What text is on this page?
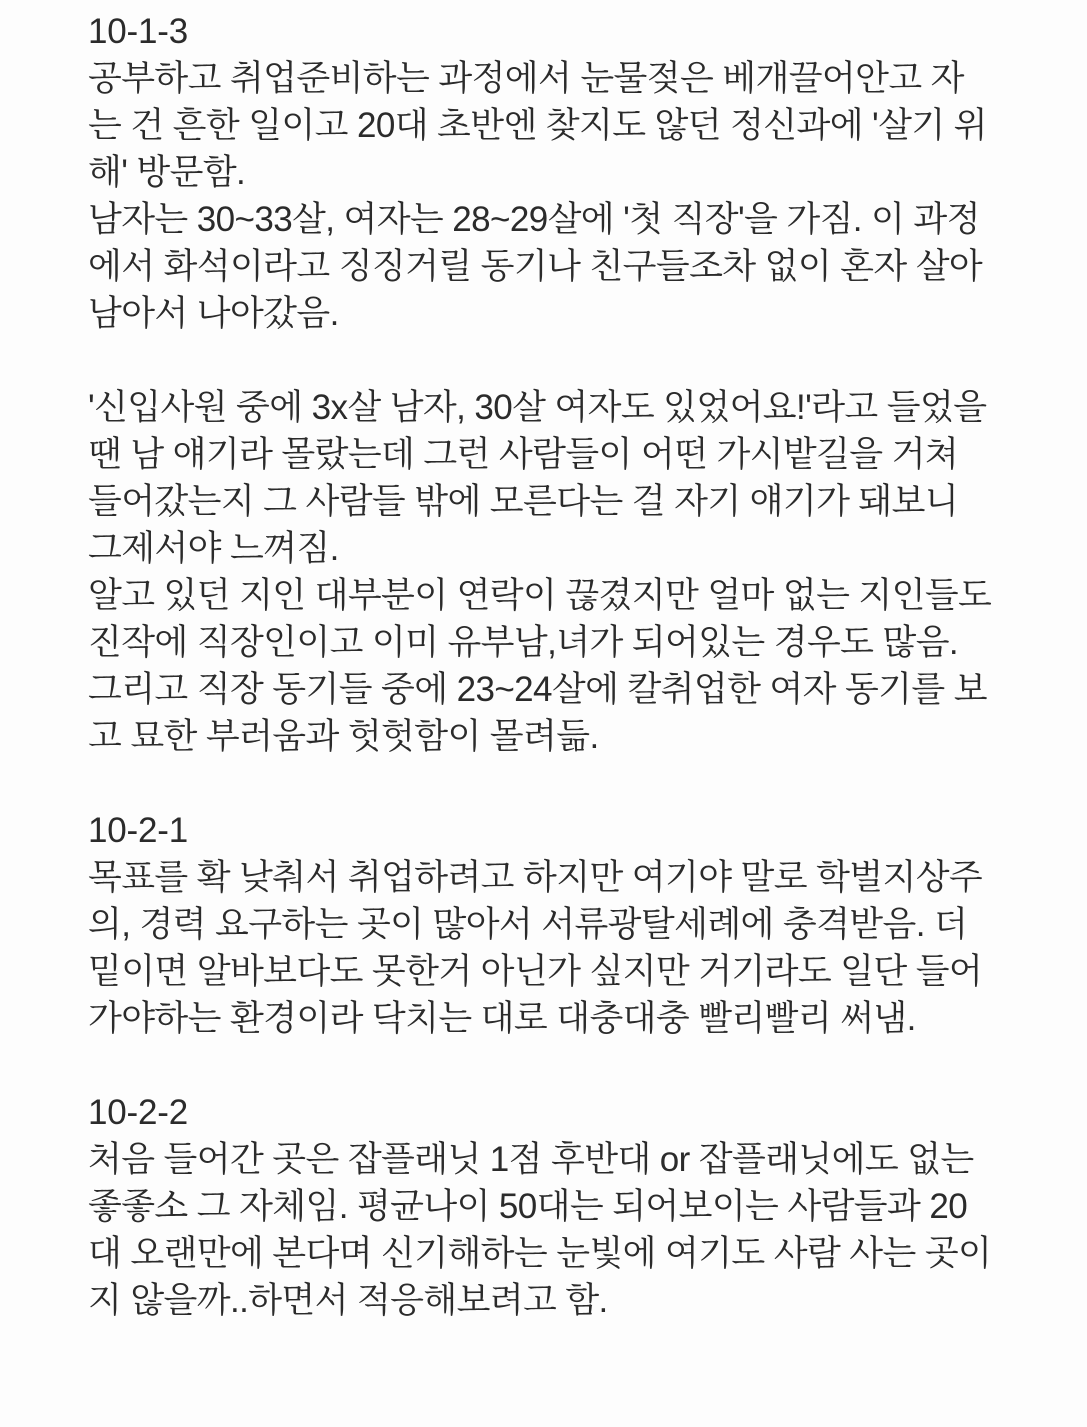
10-1-3
공부하고 취업준비하는 과정에서 눈물젖은 베개끌어안고 자는 건 흔한 일이고 20대 초반엔 찾지도 않던 정신과에 '살기 위해' 방문함.
남자는 30~33살, 여자는 28~29살에 '첫 직장'을 가짐. 이 과정에서 화석이라고 징징거릴 동기나 친구들조차 없이 혼자 살아남아서 나아갔음.
'신입사원 중에 3x살 남자, 30살 여자도 있었어요!'라고 들었을 땐 남 얘기라 몰랐는데 그런 사람들이 어떤 가시밭길을 거쳐 들어갔는지 그 사람들 밖에 모른다는 걸 자기 얘기가 돼보니 그제서야 느껴짐.
알고 있던 지인 대부분이 연락이 끊겼지만 얼마 없는 지인들도 진작에 직장인이고 이미 유부남,녀가 되어있는 경우도 많음. 그리고 직장 동기들 중에 23~24살에 칼취업한 여자 동기를 보고 묘한 부러움과 헛헛함이 몰려듦.
10-2-1
목표를 확 낮춰서 취업하려고 하지만 여기야 말로 학벌지상주의, 경력 요구하는 곳이 많아서 서류광탈세례에 충격받음. 더 밑이면 알바보다도 못한거 아닌가 싶지만 거기라도 일단 들어가야하는 환경이라 닥치는 대로 대충대충 빨리빨리 써냄.
10-2-2
처음 들어간 곳은 잡플래닛 1점 후반대 or 잡플래닛에도 없는 좋좋소 그 자체임. 평균나이 50대는 되어보이는 사람들과 20대 오랜만에 본다며 신기해하는 눈빛에 여기도 사람 사는 곳이지 않을까..하면서 적응해보려고 함.
